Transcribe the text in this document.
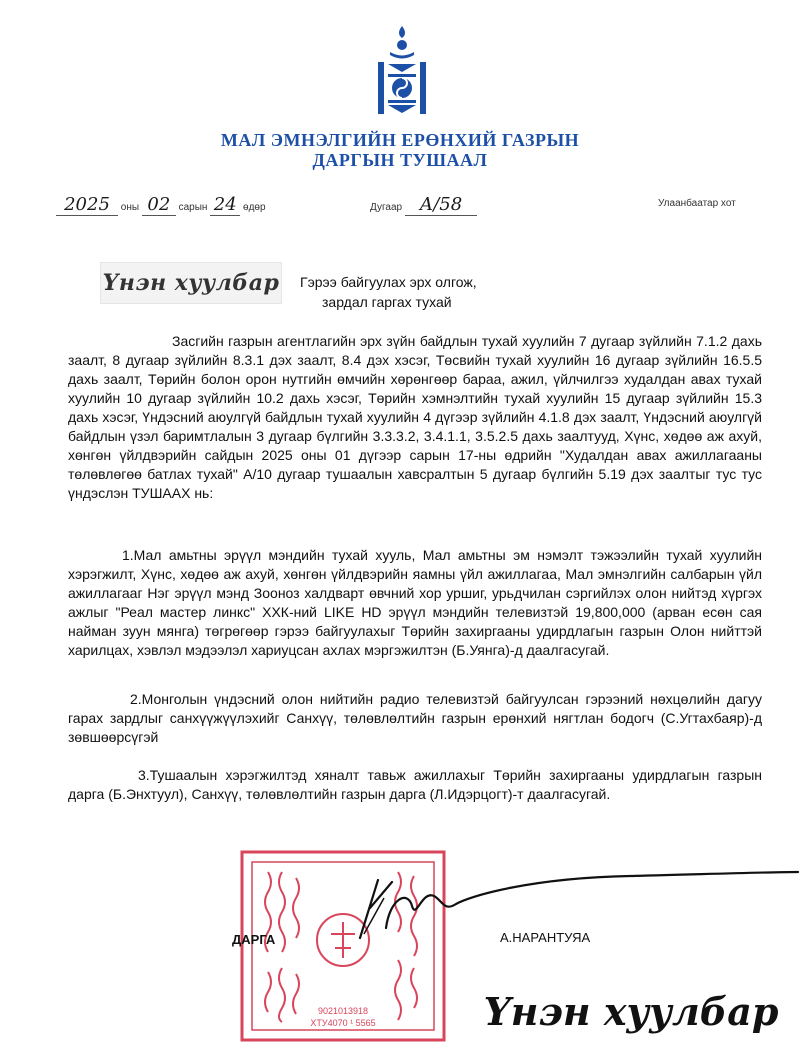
МАЛ ЭМНЭЛГИЙН ЕРӨНХИЙ ГАЗРЫН
ДАРГЫН ТУШААЛ
2025 оны 02 сарын 24 өдөр	Дугаар А/58	Улаанбаатар хот
Үнэн хуулбар Гэрээ байгуулах эрх олгож,
зардал гаргах тухай
Засгийн газрын агентлагийн эрх зүйн байдлын тухай хуулийн 7 дугаар зүйлийн 7.1.2 дахь заалт, 8 дугаар зүйлийн 8.3.1 дэх заалт, 8.4 дэх хэсэг, Төсвийн тухай хуулийн 16 дугаар зүйлийн 16.5.5 дахь заалт, Төрийн болон орон нутгийн өмчийн хөрөнгөөр бараа, ажил, үйлчилгээ худалдан авах тухай хуулийн 10 дугаар зүйлийн 10.2 дахь хэсэг, Төрийн хэмнэлтийн тухай хуулийн 15 дугаар зүйлийн 15.3 дахь хэсэг, Үндэсний аюулгүй байдлын тухай хуулийн 4 дүгээр зүйлийн 4.1.8 дэх заалт, Үндэсний аюулгүй байдлын үзэл баримтлалын 3 дугаар бүлгийн 3.3.3.2, 3.4.1.1, 3.5.2.5 дахь заалтууд, Хүнс, хөдөө аж ахуй, хөнгөн үйлдвэрийн сайдын 2025 оны 01 дүгээр сарын 17-ны өдрийн "Худалдан авах ажиллагааны төлөвлөгөө батлах тухай" А/10 дугаар тушаалын хавсралтын 5 дугаар бүлгийн 5.19 дэх заалтыг тус тус үндэслэн ТУШААХ нь:
1.Мал амьтны эрүүл мэндийн тухай хууль, Мал амьтны эм нэмэлт тэжээлийн тухай хуулийн хэрэгжилт, Хүнс, хөдөө аж ахуй, хөнгөн үйлдвэрийн яамны үйл ажиллагаа, Мал эмнэлгийн салбарын үйл ажиллагааг Нэг эрүүл мэнд Зооноз халдварт өвчний хор уршиг, урьдчилан сэргийлэх олон нийтэд хүргэх ажлыг "Реал мастер линкс" ХХК-ний LIKE HD эрүүл мэндийн телевизтэй 19,800,000 (арван есөн сая найман зуун мянга) төгрөгөөр гэрээ байгуулахыг Төрийн захиргааны удирдлагын газрын Олон нийттэй харилцах, хэвлэл мэдээлэл хариуцсан ахлах мэргэжилтэн (Б.Уянга)-д даалгасугай.
2.Монголын үндэсний олон нийтийн радио телевизтэй байгуулсан гэрээний нөхцөлийн дагуу гарах зардлыг санхүүжүүлэхийг Санхүү, төлөвлөлтийн газрын ерөнхий нягтлан бодогч (С.Угтахбаяр)-д зөвшөөрсүгэй
3.Тушаалын хэрэгжилтэд хяналт тавьж ажиллахыг Төрийн захиргааны удирдлагын газрын дарга (Б.Энхтуул), Санхүү, төлөвлөлтийн газрын дарга (Л.Идэрцогт)-т даалгасугай.
9021013918
ХТУ4070 ¹ 5565
ДАРГА	А.НАРАНТУЯА
Үнэн хуулбар
